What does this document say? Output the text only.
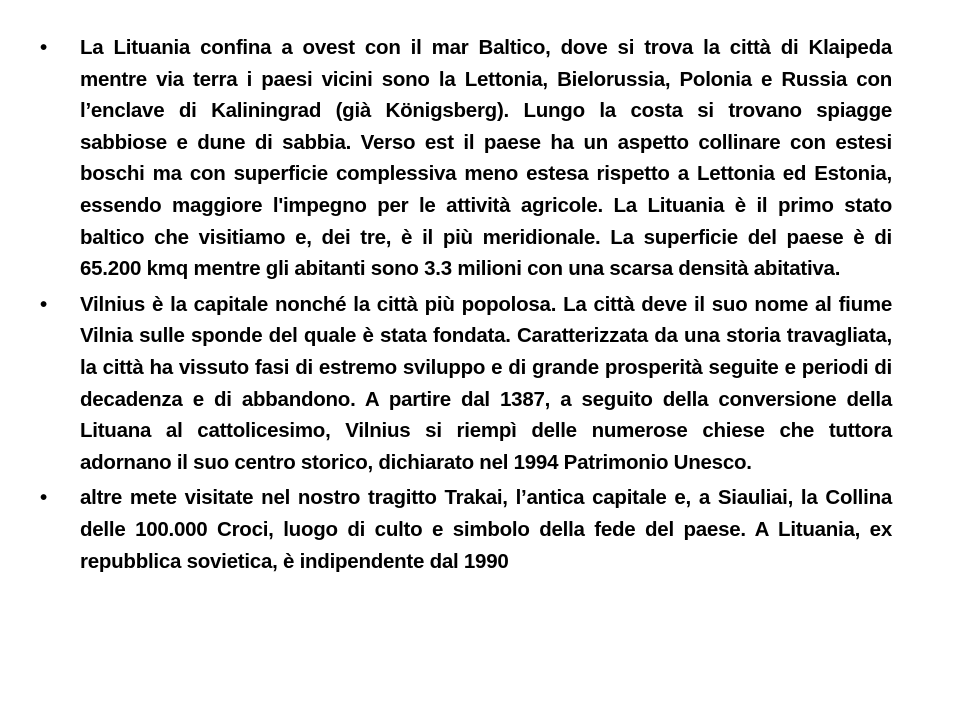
•	La Lituania confina a ovest con il mar Baltico, dove si trova la città di Klaipeda mentre via terra i paesi vicini sono la Lettonia, Bielorussia, Polonia e Russia con l’enclave di Kaliningrad (già Königsberg). Lungo la costa si trovano spiagge sabbiose e dune di sabbia. Verso est il paese ha un aspetto collinare con estesi boschi ma con superficie complessiva meno estesa rispetto a Lettonia ed Estonia, essendo maggiore l'impegno per le attività agricole. La Lituania è il primo stato baltico che visitiamo e, dei tre, è il più meridionale. La superficie del paese è di 65.200 kmq mentre gli abitanti sono 3.3 milioni con una scarsa densità abitativa.
•	Vilnius è la capitale nonché la città più popolosa. La città deve il suo nome al fiume Vilnia sulle sponde del quale è stata fondata. Caratterizzata da una storia travagliata, la città ha vissuto fasi di estremo sviluppo e di grande prosperità seguite e periodi di decadenza e di abbandono. A partire dal 1387, a seguito della conversione della Lituana al cattolicesimo, Vilnius si riempì delle numerose chiese che tuttora adornano il suo centro storico, dichiarato nel 1994 Patrimonio Unesco.
•	altre mete visitate nel nostro tragitto Trakai, l’antica capitale e, a Siauliai, la Collina delle 100.000 Croci, luogo di culto e simbolo della fede del paese. A Lituania, ex repubblica sovietica, è indipendente dal 1990
